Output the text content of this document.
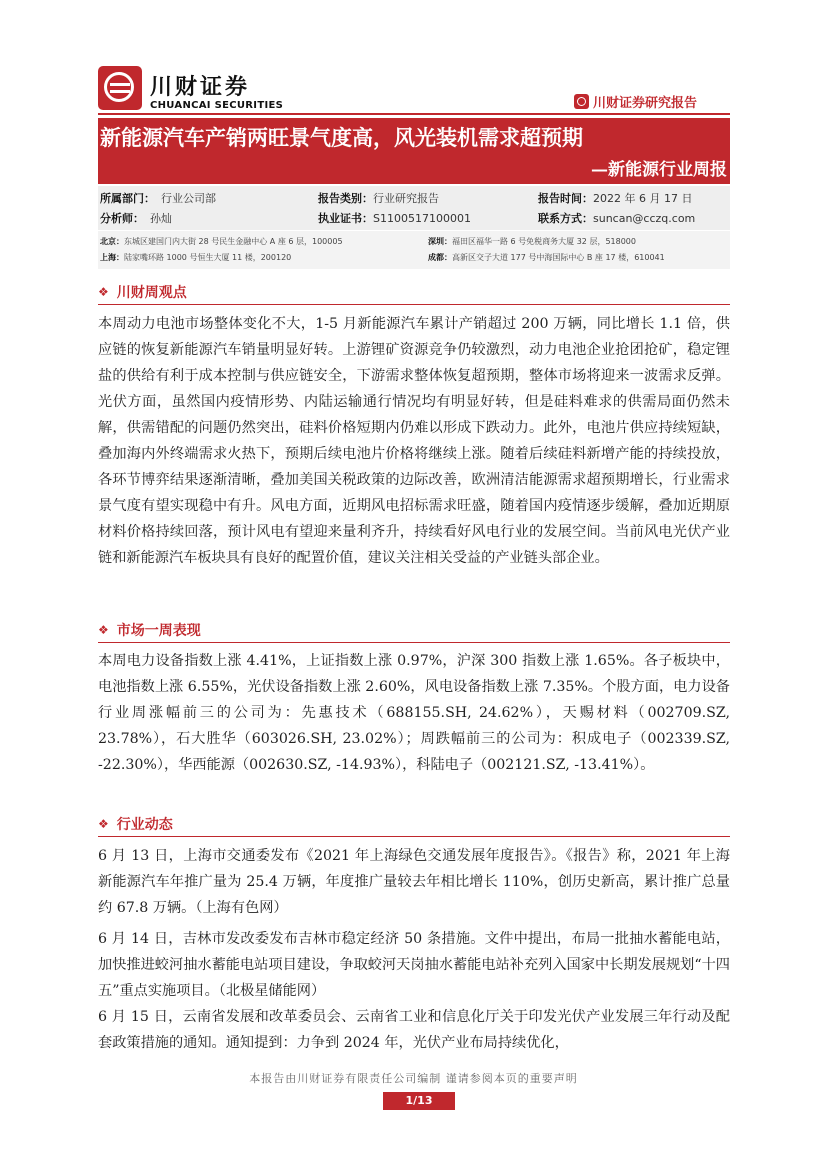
川财证券
CHUANCAI SECURITIES	川财证券研究报告
新能源汽车产销两旺景气度高，风光装机需求超预期
—新能源行业周报
所属部门： 行业公司部	报告类别：行业研究报告	报告时间：2022 年 6 月 17 日
分析师： 孙灿	执业证书：S1100517100001	联系方式：suncan@cczq.com
北京：东城区建国门内大街 28 号民生金融中心 A 座 6 层，100005	深圳：福田区福华一路 6 号免税商务大厦 32 层，518000
上海：陆家嘴环路 1000 号恒生大厦 11 楼，200120	成都：高新区交子大道 177 号中海国际中心 B 座 17 楼，610041
❖ 川财周观点
本周动力电池市场整体变化不大，1-5 月新能源汽车累计产销超过 200 万辆，同比增长 1.1 倍，供应链的恢复新能源汽车销量明显好转。上游锂矿资源竞争仍较激烈，动力电池企业抢团抢矿，稳定锂盐的供给有利于成本控制与供应链安全，下游需求整体恢复超预期，整体市场将迎来一波需求反弹。光伏方面，虽然国内疫情形势、内陆运输通行情况均有明显好转，但是硅料难求的供需局面仍然未解，供需错配的问题仍然突出，硅料价格短期内仍难以形成下跌动力。此外，电池片供应持续短缺，叠加海内外终端需求火热下，预期后续电池片价格将继续上涨。随着后续硅料新增产能的持续投放，各环节博弈结果逐渐清晰，叠加美国关税政策的边际改善，欧洲清洁能源需求超预期增长，行业需求景气度有望实现稳中有升。风电方面，近期风电招标需求旺盛，随着国内疫情逐步缓解，叠加近期原材料价格持续回落，预计风电有望迎来量利齐升，持续看好风电行业的发展空间。当前风电光伏产业链和新能源汽车板块具有良好的配置价值，建议关注相关受益的产业链头部企业。
❖ 市场一周表现
本周电力设备指数上涨 4.41%，上证指数上涨 0.97%，沪深 300 指数上涨 1.65%。各子板块中，电池指数上涨 6.55%，光伏设备指数上涨 2.60%，风电设备指数上涨 7.35%。个股方面，电力设备行业周涨幅前三的公司为：先惠技术（688155.SH, 24.62%），天赐材料（002709.SZ, 23.78%），石大胜华（603026.SH, 23.02%）；周跌幅前三的公司为：积成电子（002339.SZ, -22.30%），华西能源（002630.SZ, -14.93%），科陆电子（002121.SZ, -13.41%）。
❖ 行业动态
6 月 13 日，上海市交通委发布《2021 年上海绿色交通发展年度报告》。《报告》称，2021 年上海新能源汽车年推广量为 25.4 万辆，年度推广量较去年相比增长 110%，创历史新高，累计推广总量约 67.8 万辆。（上海有色网）
6 月 14 日，吉林市发改委发布吉林市稳定经济 50 条措施。文件中提出，布局一批抽水蓄能电站，加快推进蛟河抽水蓄能电站项目建设，争取蛟河天岗抽水蓄能电站补充列入国家中长期发展规划“十四五”重点实施项目。（北极星储能网）
6 月 15 日，云南省发展和改革委员会、云南省工业和信息化厅关于印发光伏产业发展三年行动及配套政策措施的通知。通知提到：力争到 2024 年，光伏产业布局持续优化，
本报告由川财证券有限责任公司编制 谨请参阅本页的重要声明
1/13
